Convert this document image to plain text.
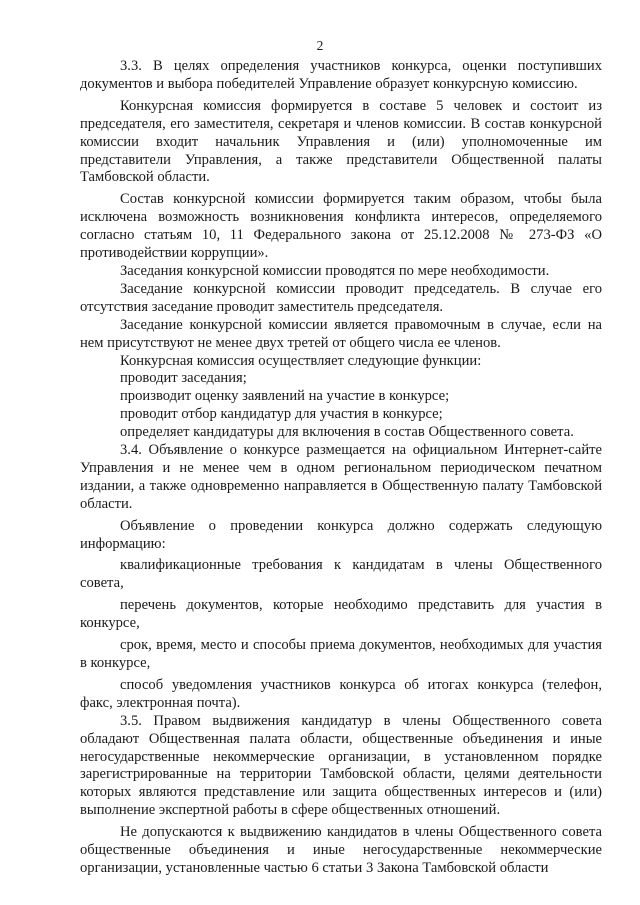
2

3.3. В целях определения участников конкурса, оценки поступивших документов и выбора победителей Управление образует конкурсную комиссию.

Конкурсная комиссия формируется в составе 5 человек и состоит из председателя, его заместителя, секретаря и членов комиссии. В состав конкурсной комиссии входит начальник Управления и (или) уполномоченные им представители Управления, а также представители Общественной палаты Тамбовской области.

Состав конкурсной комиссии формируется таким образом, чтобы была исключена возможность возникновения конфликта интересов, определяемого согласно статьям 10, 11 Федерального закона от 25.12.2008 № 273-ФЗ «О противодействии коррупции».

Заседания конкурсной комиссии проводятся по мере необходимости.

Заседание конкурсной комиссии проводит председатель. В случае его отсутствия заседание проводит заместитель председателя.

Заседание конкурсной комиссии является правомочным в случае, если на нем присутствуют не менее двух третей от общего числа ее членов.

Конкурсная комиссия осуществляет следующие функции:

проводит заседания;

производит оценку заявлений на участие в конкурсе;

проводит отбор кандидатур для участия в конкурсе;

определяет кандидатуры для включения в состав Общественного совета.

3.4. Объявление о конкурсе размещается на официальном Интернет-сайте Управления и не менее чем в одном региональном периодическом печатном издании, а также одновременно направляется в Общественную палату Тамбовской области.

Объявление о проведении конкурса должно содержать следующую информацию:

квалификационные требования к кандидатам в члены Общественного совета,

перечень документов, которые необходимо представить для участия в конкурсе,

срок, время, место и способы приема документов, необходимых для участия в конкурсе,

способ уведомления участников конкурса об итогах конкурса (телефон, факс, электронная почта).

3.5. Правом выдвижения кандидатур в члены Общественного совета обладают Общественная палата области, общественные объединения и иные негосударственные некоммерческие организации, в установленном порядке зарегистрированные на территории Тамбовской области, целями деятельности которых являются представление или защита общественных интересов и (или) выполнение экспертной работы в сфере общественных отношений.

Не допускаются к выдвижению кандидатов в члены Общественного совета общественные объединения и иные негосударственные некоммерческие организации, установленные частью 6 статьи 3 Закона Тамбовской области
